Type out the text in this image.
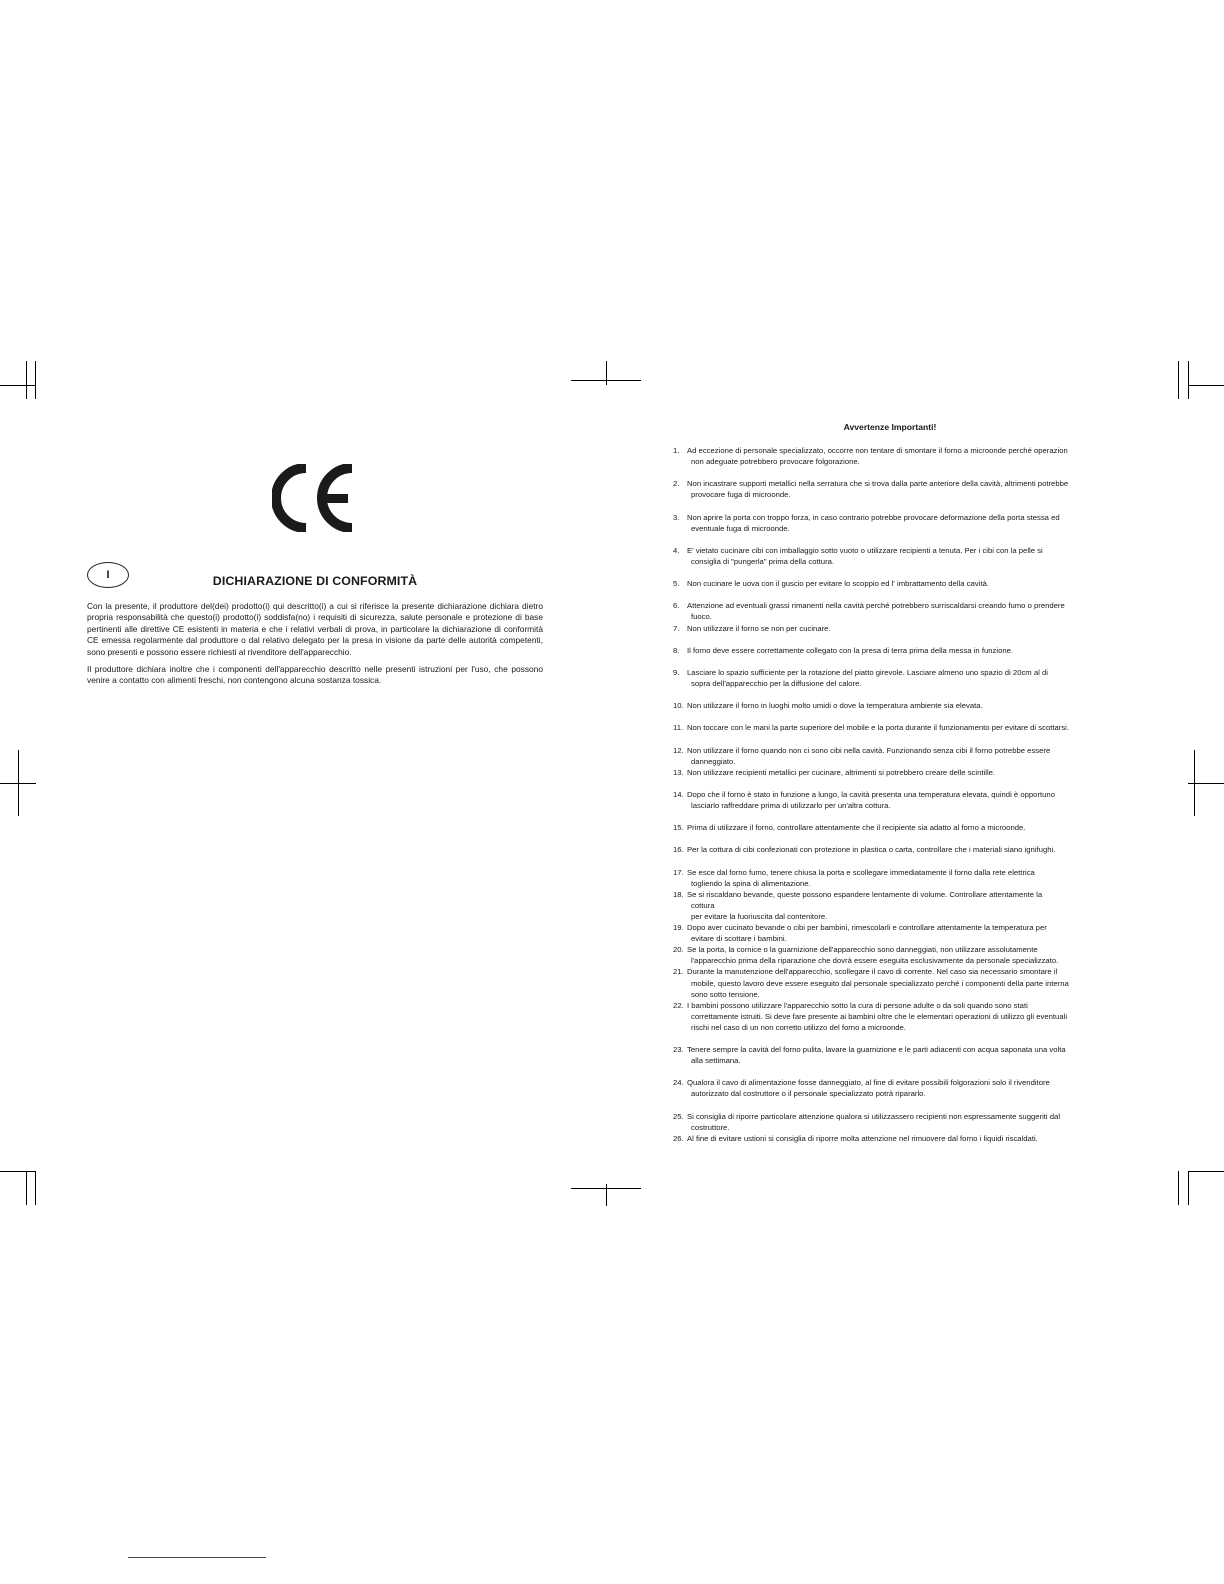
I	DICHIARAZIONE DI CONFORMITÀ

Con la presente, il produttore del(dei) prodotto(i) qui descritto(i) a cui si riferisce la presente dichiarazione dichiara dietro propria responsabilità che questo(i) prodotto(i) soddisfa(no) i requisiti di sicurezza, salute personale e protezione di base pertinenti alle direttive CE esistenti in materia e che i relativi verbali di prova, in particolare la dichiarazione di conformità CE emessa regolarmente dal produttore o dal relativo delegato per la presa in visione da parte delle autorità competenti, sono presenti e possono essere richiesti al rivenditore dell'apparecchio.

Il produttore dichiara inoltre che i componenti dell'apparecchio descritto nelle presenti istruzioni per l'uso, che possono venire a contatto con alimenti freschi, non contengono alcuna sostanza tossica.

Avvertenze Importanti!
1. Ad eccezione di personale specializzato, occorre non tentare di smontare il forno a microonde perché operazion
non adeguate potrebbero provocare folgorazione.
2. Non incastrare supporti metallici nella serratura che si trova dalla parte anteriore della cavità, altrimenti potrebbe
provocare fuga di microonde.
3. Non aprire la porta con troppo forza, in caso contrario potrebbe provocare deformazione della porta stessa ed
eventuale fuga di microonde.
4. E' vietato cucinare cibi con imballaggio sotto vuoto o utilizzare recipienti a tenuta. Per i cibi con la pelle si
consiglia di "pungerla" prima della cottura.
5. Non cucinare le uova con il guscio per evitare lo scoppio ed l' imbrattamento della cavità.
6. Attenzione ad eventuali grassi rimanenti nella cavità perché potrebbero surriscaldarsi creando fumo o prendere
fuoco.
7. Non utilizzare il forno se non per cucinare.
8. Il forno deve essere correttamente collegato con la presa di terra prima della messa in funzione.
9. Lasciare lo spazio sufficiente per la rotazione del piatto girevole. Lasciare almeno uno spazio di 20cm al di
sopra dell'apparecchio per la diffusione del calore.
10. Non utilizzare il forno in luoghi molto umidi o dove la temperatura ambiente sia elevata.
11. Non toccare con le mani la parte superiore del mobile e la porta durante il funzionamento per evitare di scottarsi.
12. Non utilizzare il forno quando non ci sono cibi nella cavità. Funzionando senza cibi il forno potrebbe essere
danneggiato.
13. Non utilizzare recipienti metallici per cucinare, altrimenti si potrebbero creare delle scintille.
14. Dopo che il forno è stato in funzione a lungo, la cavità presenta una temperatura elevata, quindi è opportuno
lasciarlo raffreddare prima di utilizzarlo per un'altra cottura.
15. Prima di utilizzare il forno, controllare attentamente che il recipiente sia adatto al forno a microonde.
16. Per la cottura di cibi confezionati con protezione in plastica o carta, controllare che i materiali siano ignifughi.
17. Se esce dal forno fumo, tenere chiusa la porta e scollegare immediatamente il forno dalla rete elettrica
togliendo la spina di alimentazione.
18. Se si riscaldano bevande, queste possono espandere lentamente di volume. Controllare attentamente la
cottura
per evitare la fuoriuscita dal contenitore.
19. Dopo aver cucinato bevande o cibi per bambini, rimescolarli e controllare attentamente la temperatura per
evitare di scottare i bambini.
20. Se la porta, la cornice o la guarnizione dell'apparecchio sono danneggiati, non utilizzare assolutamente
l'apparecchio prima della riparazione che dovrà essere eseguita esclusivamente da personale specializzato.
21. Durante la manutenzione dell'apparecchio, scollegare il cavo di corrente. Nel caso sia necessario smontare il
mobile, questo lavoro deve essere eseguito dal personale specializzato perché i componenti della parte interna
sono sotto tensione.
22. I bambini possono utilizzare l'apparecchio sotto la cura di persone adulte o da soli quando sono stati
correttamente istruiti. Si deve fare presente ai bambini oltre che le elementari operazioni di utilizzo gli eventuali
rischi nel caso di un non corretto utilizzo del forno a microonde.
23. Tenere sempre la cavità del forno pulita, lavare la guarnizione e le parti adiacenti con acqua saponata una volta
alla settimana.
24. Qualora il cavo di alimentazione fosse danneggiato, al fine di evitare possibili folgorazioni solo il rivenditore
autorizzato dal costruttore o il personale specializzato potrà ripararlo.
25. Si consiglia di riporre particolare attenzione qualora si utilizzassero recipienti non espressamente suggeriti dal
costruttore.
26. Al fine di evitare ustioni si consiglia di riporre molta attenzione nel rimuovere dal forno i liquidi riscaldati.
